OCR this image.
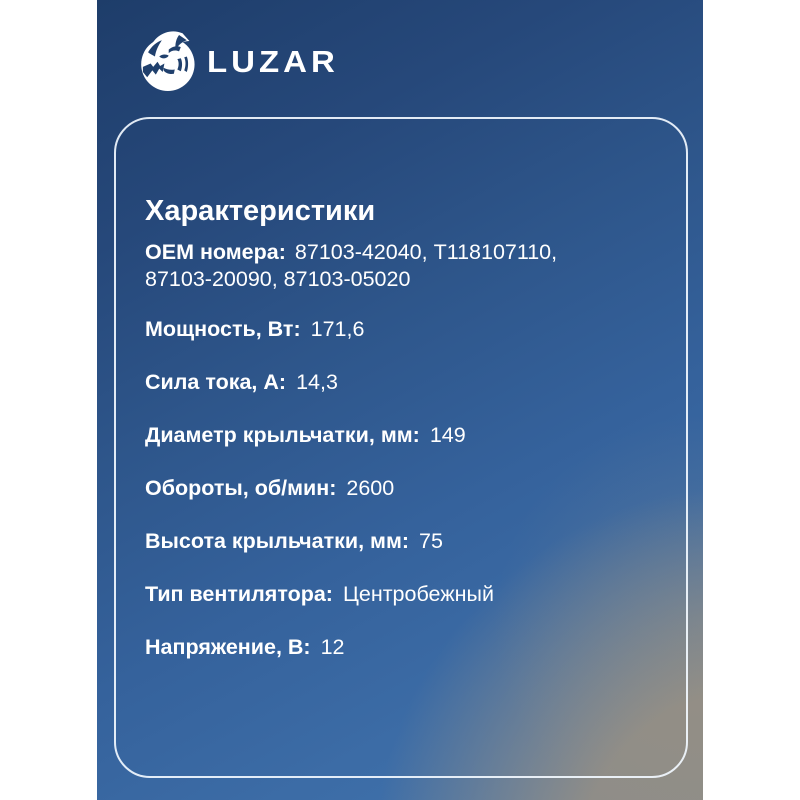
LUZAR
Характеристики

OEM номера: 87103-42040, T118107110, 87103-20090, 87103-05020

Мощность, Вт: 171,6
Сила тока, А: 14,3
Диаметр крыльчатки, мм: 149
Обороты, об/мин: 2600
Высота крыльчатки, мм: 75
Тип вентилятора: Центробежный
Напряжение, В: 12
